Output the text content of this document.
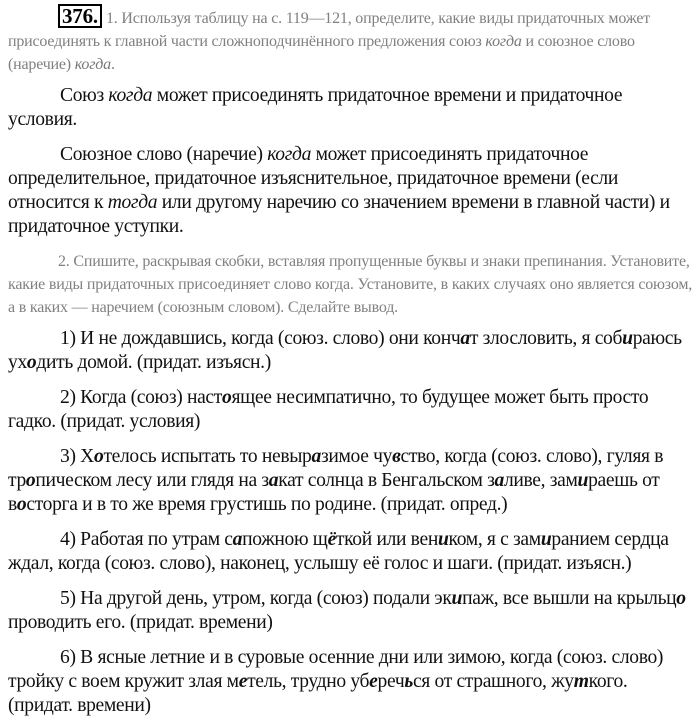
376. 1. Используя таблицу на с. 119—121, определите, какие виды придаточных может присоединять к главной части сложноподчинённого предложения союз когда и союзное слово (наречие) когда.

Союз когда может присоединять придаточное времени и придаточное условия.

Союзное слово (наречие) когда может присоединять придаточное определительное, придаточное изъяснительное, придаточное времени (если относится к тогда или другому наречию со значением времени в главной части) и придаточное уступки.

2. Спишите, раскрывая скобки, вставляя пропущенные буквы и знаки препинания. Установите, какие виды придаточных присоединяет слово когда. Установите, в каких случаях оно является союзом, а в каких — наречием (союзным словом). Сделайте вывод.

1) И не дождавшись, когда (союз. слово) они кончат злословить, я собираюсь уходить домой. (придат. изъясн.)

2) Когда (союз) настоящее несимпатично, то будущее может быть просто гадко. (придат. условия)

3) Хотелось испытать то невыразимое чувство, когда (союз. слово), гуляя в тропическом лесу или глядя на закат солнца в Бенгальском заливе, замираешь от восторга и в то же время грустишь по родине. (придат. опред.)

4) Работая по утрам сапожною щёткой или веником, я с замиранием сердца ждал, когда (союз. слово), наконец, услышу её голос и шаги. (придат. изъясн.)

5) На другой день, утром, когда (союз) подали экипаж, все вышли на крыльцо проводить его. (придат. времени)

6) В ясные летние и в суровые осенние дни или зимою, когда (союз. слово) тройку с воем кружит злая метель, трудно уберечься от страшного, жуткого. (придат. времени)
